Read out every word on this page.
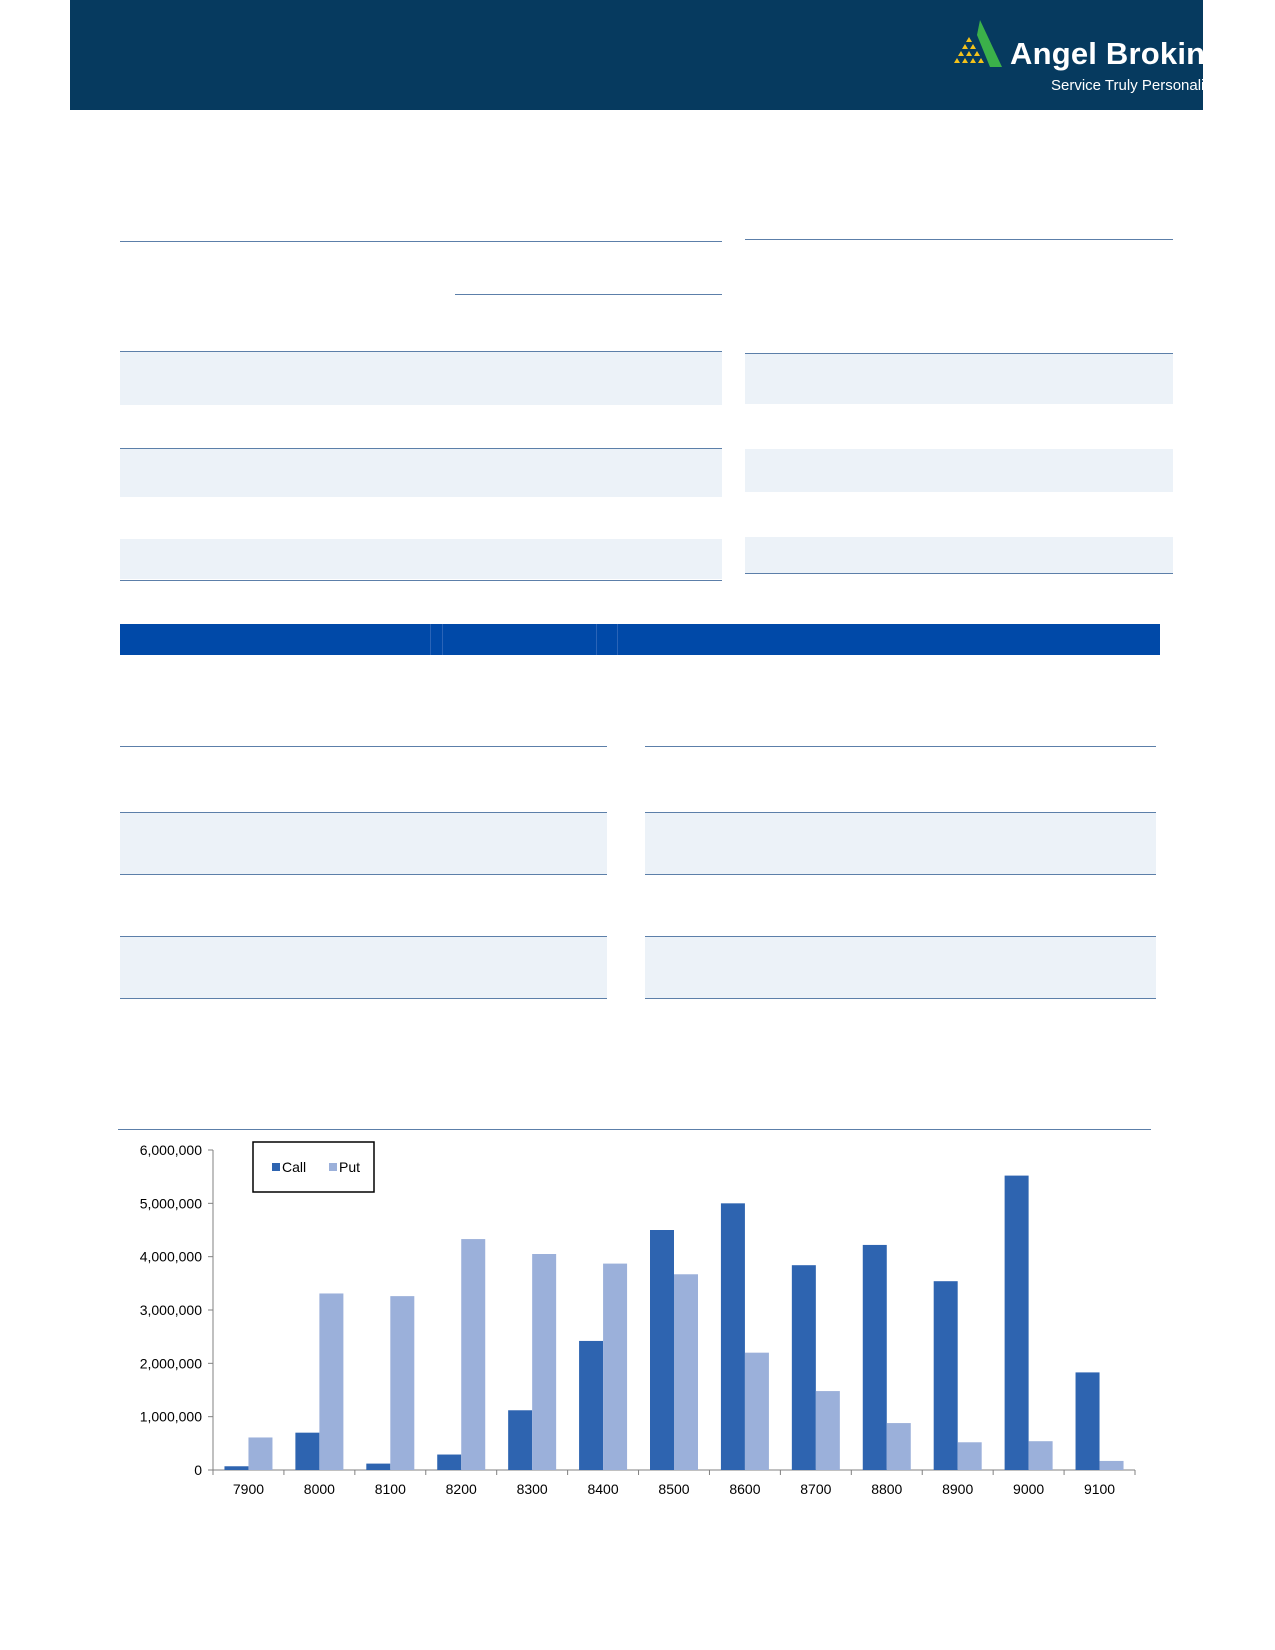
Angel Broking®
Service Truly Personalized
0
1,000,000
2,000,000
3,000,000
4,000,000
5,000,000
6,000,000
7900	8000	8100	8200	8300	8400	8500	8600	8700	8800	8900	9000	9100
Call Put
